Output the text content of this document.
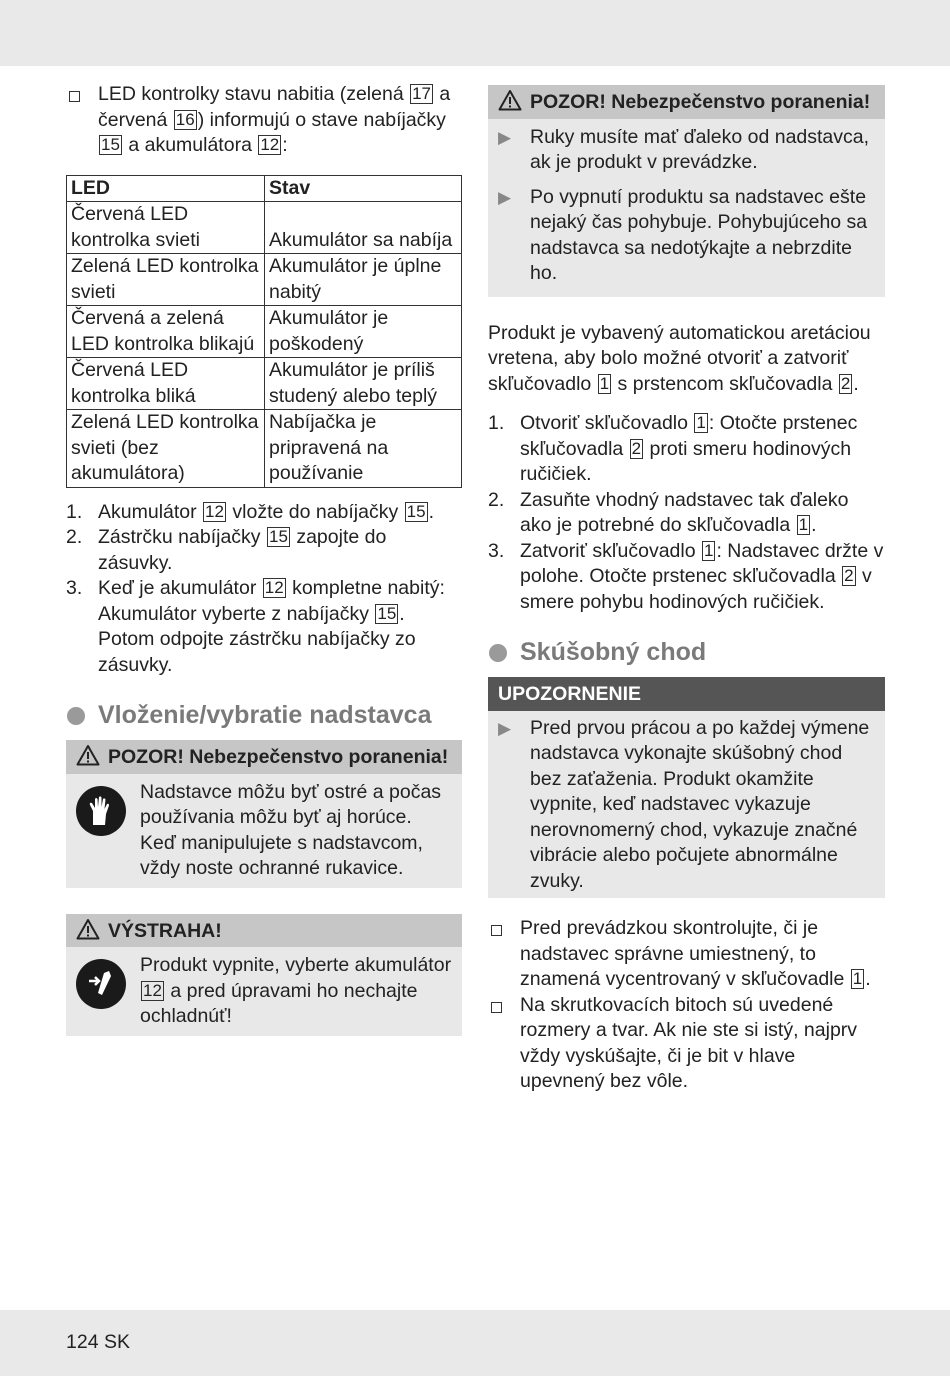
LED kontrolky stavu nabitia (zelená 17 a červená 16 ) informujú o stave nabíjačky 15 a akumulátora 12 :
LED	Stav
Červená LED kontrolka svieti	Akumulátor sa nabíja
Zelená LED kontrolka svieti	Akumulátor je úplne nabitý
Červená a zelená LED kontrolka blikajú	Akumulátor je poškodený
Červená LED kontrolka bliká	Akumulátor je príliš studený alebo teplý
Zelená LED kontrolka svieti (bez akumulátora)	Nabíjačka je pripravená na používanie
1. Akumulátor 12 vložte do nabíjačky 15 .
2. Zástrčku nabíjačky 15 zapojte do zásuvky.
3. Keď je akumulátor 12 kompletne nabitý: Akumulátor vyberte z nabíjačky 15 . Potom odpojte zástrčku nabíjačky zo zásuvky.
Vloženie/vybratie nadstavca
POZOR! Nebezpečenstvo poranenia!
Nadstavce môžu byť ostré a počas používania môžu byť aj horúce. Keď manipulujete s nadstavcom, vždy noste ochranné rukavice.
VÝSTRAHA!
Produkt vypnite, vyberte akumulátor 12 a pred úpravami ho nechajte ochladnúť!
POZOR! Nebezpečenstvo poranenia!
▶ Ruky musíte mať ďaleko od nadstavca, ak je produkt v prevádzke.
▶ Po vypnutí produktu sa nadstavec ešte nejaký čas pohybuje. Pohybujúceho sa nadstavca sa nedotýkajte a nebrzdite ho.

Produkt je vybavený automatickou aretáciou vretena, aby bolo možné otvoriť a zatvoriť skľučovadlo 1 s prstencom skľučovadla 2 .

1. Otvoriť skľučovadlo 1 : Otočte prstenec skľučovadla 2 proti smeru hodinových ručičiek.
2. Zasuňte vhodný nadstavec tak ďaleko ako je potrebné do skľučovadla 1 .
3. Zatvoriť skľučovadlo 1 : Nadstavec držte v polohe. Otočte prstenec skľučovadla 2 v smere pohybu hodinových ručičiek.
Skúšobný chod
UPOZORNENIE
▶ Pred prvou prácou a po každej výmene nadstavca vykonajte skúšobný chod bez zaťaženia. Produkt okamžite vypnite, keď nadstavec vykazuje nerovnomerný chod, vykazuje značné vibrácie alebo počujete abnormálne zvuky.
Pred prevádzkou skontrolujte, či je nadstavec správne umiestnený, to znamená vycentrovaný v skľučovadle 1 .
Na skrutkovacích bitoch sú uvedené rozmery a tvar. Ak nie ste si istý, najprv vždy vyskúšajte, či je bit v hlave upevnený bez vôle.
124 SK
